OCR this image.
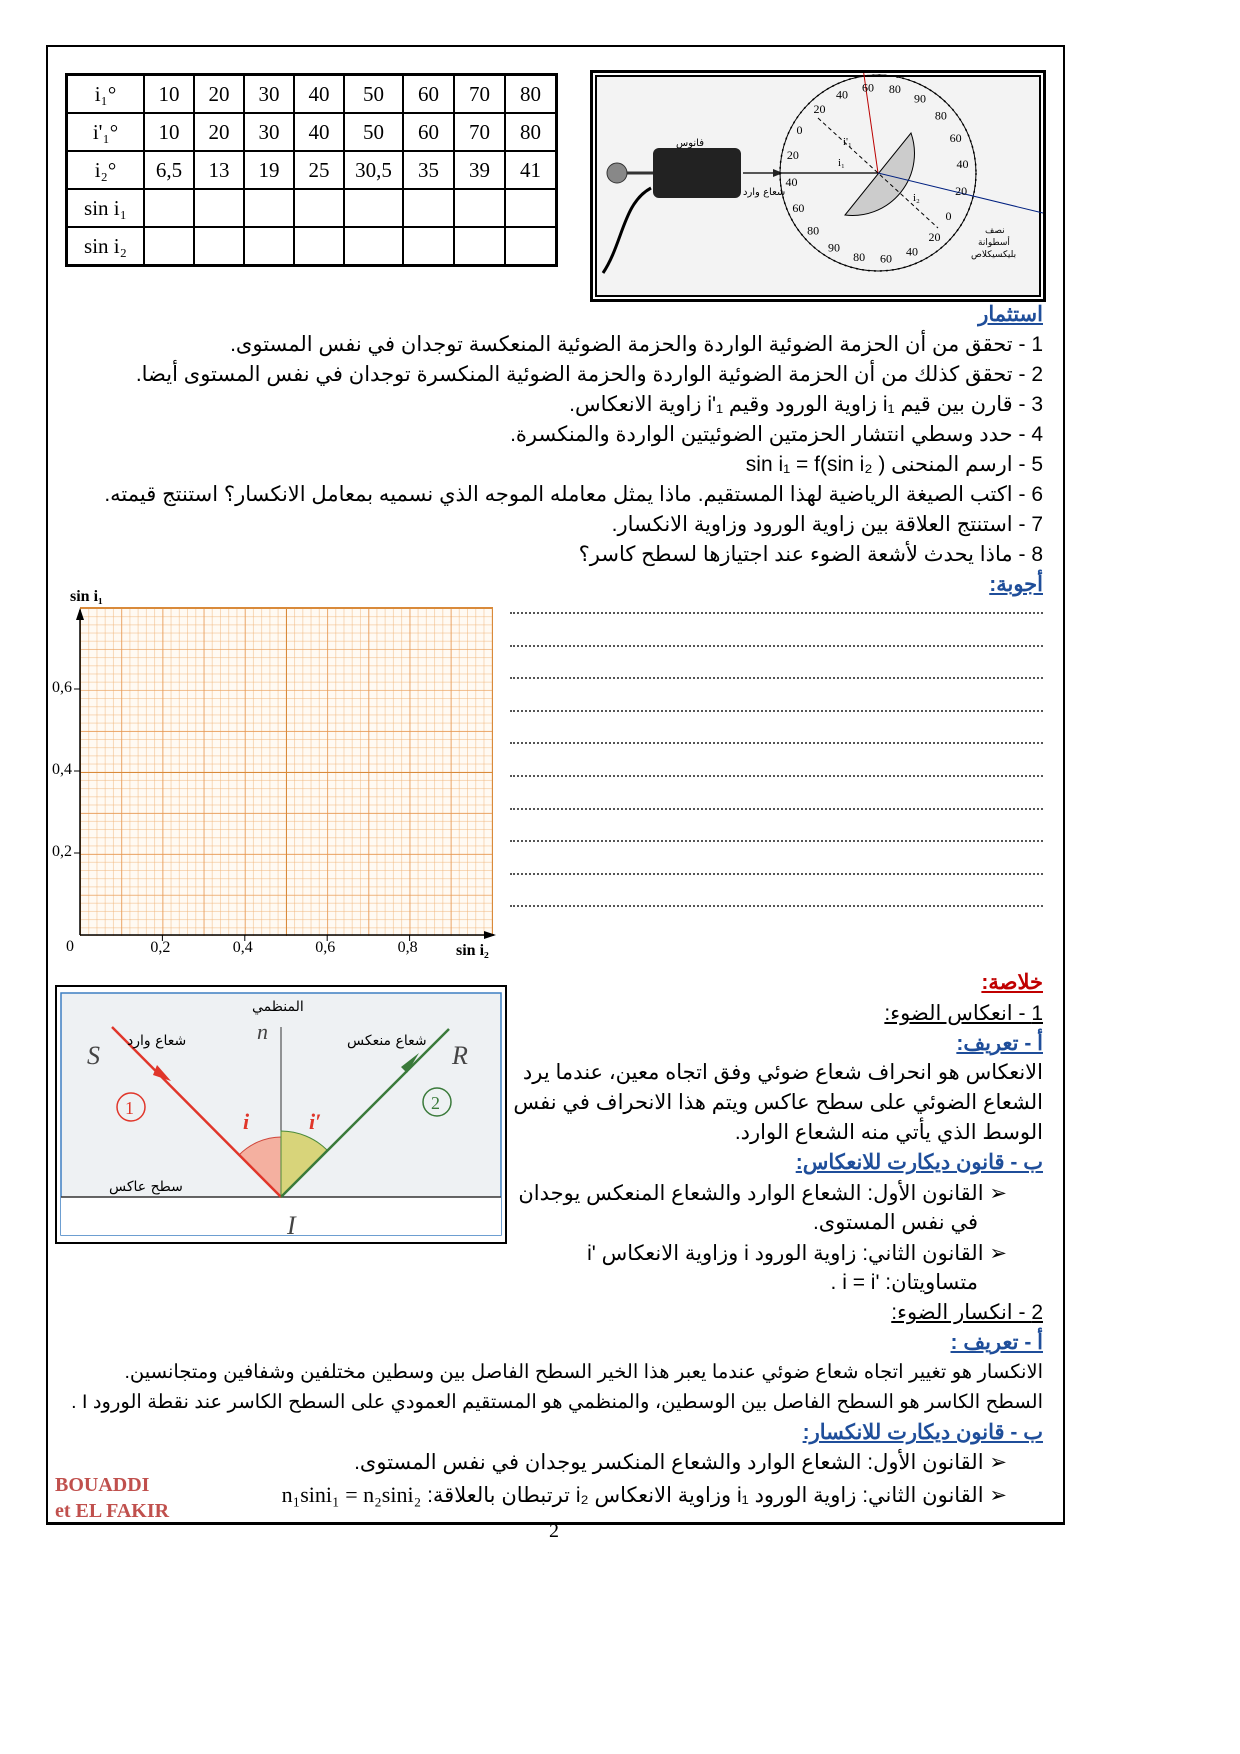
i₁°	10	20	30	40	50	60	70	80
i'₁°	10	20	30	40	50	60	70	80
i₂°	6,5	13	19	25	30,5	35	39	41
sin i₁								
sin i₂								
فانوس
شعاع وارد
i₁
i'₁
i₂
نصف
أسطوانة
بليكسيكلاص
0
20
40 60 80
90
80
60
40
20
0
20
40
60
80
90
80
60
40
20
استثمار
1 - تحقق من أن الحزمة الضوئية الواردة والحزمة الضوئية المنعكسة توجدان في نفس المستوى.
2 - تحقق كذلك من أن الحزمة الضوئية الواردة والحزمة الضوئية المنكسرة توجدان في نفس المستوى أيضا.
3 - قارن بين قيم i₁ زاوية الورود وقيم i'₁ زاوية الانعكاس.
4 - حدد وسطي انتشار الحزمتين الضوئيتين الواردة والمنكسرة.
5 - ارسم المنحنى sin i₁ = f(sin i₂ )
6 - اكتب الصيغة الرياضية لهذا المستقيم. ماذا يمثل معامله الموجه الذي نسميه بمعامل الانكسار؟ استنتج قيمته.
7 - استنتج العلاقة بين زاوية الورود وزاوية الانكسار.
8 - ماذا يحدث لأشعة الضوء عند اجتيازها لسطح كاسر؟
أجوبة:
sin i₁
sin i₂
0	0,2	0,4	0,6	0,8
0,2
0,4
0,6
1	2
S	R
I
n
المنظمي
شعاع وارد	شعاع منعكس
سطح عاكس
i	i′
خلاصة:
1 - انعكاس الضوء:
أ - تعريف:
الانعكاس هو انحراف شعاع ضوئي وفق اتجاه معين، عندما يرد
الشعاع الضوئي على سطح عاكس ويتم هذا الانحراف في نفس
الوسط الذي يأتي منه الشعاع الوارد.
ب - قانون ديكارت للانعكاس:
➢ القانون الأول: الشعاع الوارد والشعاع المنعكس يوجدان
في نفس المستوى.
➢ القانون الثاني: زاوية الورود i وزاوية الانعكاس 'i
متساويتان: 'i = i .
2 - انكسار الضوء:
أ - تعريف :
الانكسار هو تغيير اتجاه شعاع ضوئي عندما يعبر هذا الخير السطح الفاصل بين وسطين مختلفين وشفافين ومتجانسين.
السطح الكاسر هو السطح الفاصل بين الوسطين، والمنظمي هو المستقيم العمودي على السطح الكاسر عند نقطة الورود I .
ب - قانون ديكارت للانكسار:
➢ القانون الأول: الشعاع الوارد والشعاع المنكسر يوجدان في نفس المستوى.
➢ القانون الثاني: زاوية الورود i₁ وزاوية الانعكاس i₂ ترتبطان بالعلاقة: n₁sini₁ = n₂sini₂
BOUADDI
et EL FAKIR
2
